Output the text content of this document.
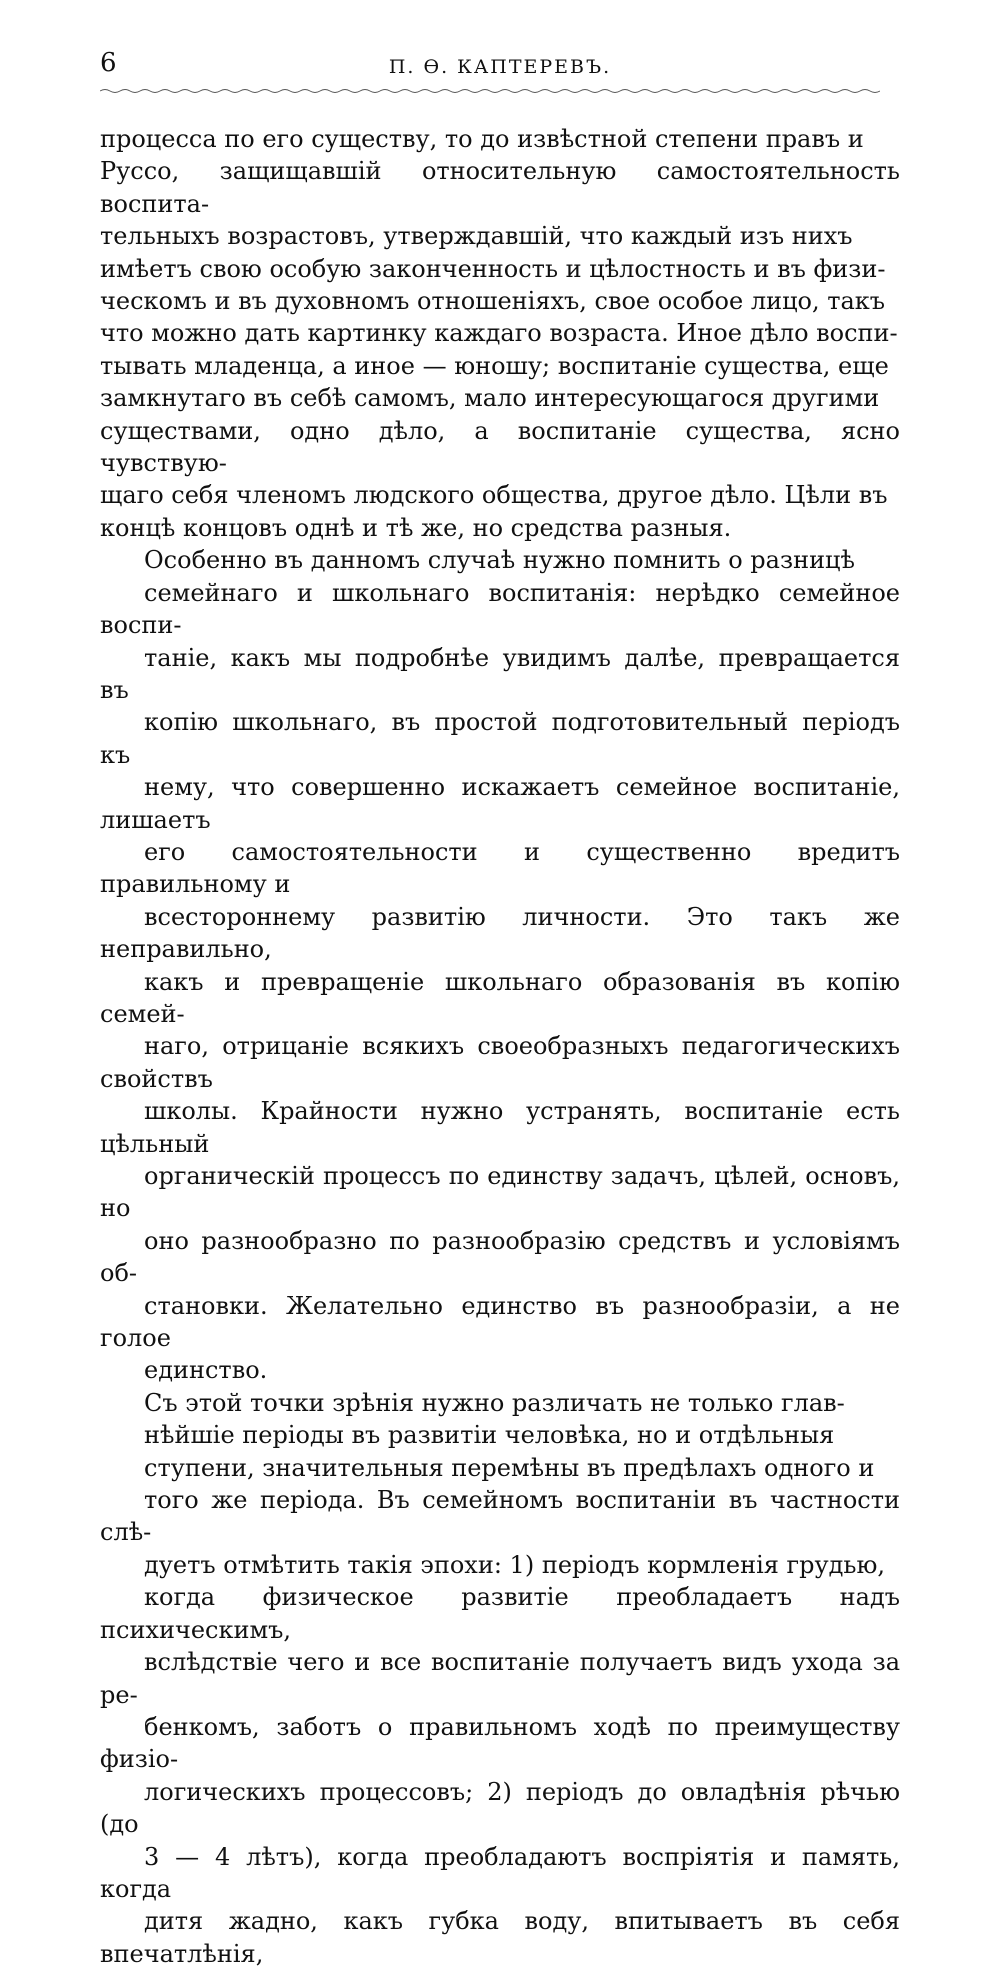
6	П. Ѳ. КАПТЕРЕВЪ.

процесса по его существу, то до извѣстной степени правъ и
Руссо, защищавшій относительную самостоятельность воспита-
тельныхъ возрастовъ, утверждавшій, что каждый изъ нихъ
имѣетъ свою особую законченность и цѣлостность и въ физи-
ческомъ и въ духовномъ отношеніяхъ, свое особое лицо, такъ
что можно дать картинку каждаго возраста. Иное дѣло воспи-
тывать младенца, а иное — юношу; воспитаніе существа, еще
замкнутаго въ себѣ самомъ, мало интересующагося другими
существами, одно дѣло, а воспитаніе существа, ясно чувствую-
щаго себя членомъ людского общества, другое дѣло. Цѣли въ
концѣ концовъ однѣ и тѣ же, но средства разныя.

Особенно въ данномъ случаѣ нужно помнить о разницѣ
семейнаго и школьнаго воспитанія: нерѣдко семейное воспи-
таніе, какъ мы подробнѣе увидимъ далѣе, превращается въ
копію школьнаго, въ простой подготовительный періодъ къ
нему, что совершенно искажаетъ семейное воспитаніе, лишаетъ
его самостоятельности и существенно вредитъ правильному и
всестороннему развитію личности. Это такъ же неправильно,
какъ и превращеніе школьнаго образованія въ копію семей-
наго, отрицаніе всякихъ своеобразныхъ педагогическихъ свойствъ
школы. Крайности нужно устранять, воспитаніе есть цѣльный
органическій процессъ по единству задачъ, цѣлей, основъ, но
оно разнообразно по разнообразію средствъ и условіямъ об-
становки. Желательно единство въ разнообразіи, а не голое
единство.

Съ этой точки зрѣнія нужно различать не только глав-
нѣйшіе періоды въ развитіи человѣка, но и отдѣльныя
ступени, значительныя перемѣны въ предѣлахъ одного и
того же періода. Въ семейномъ воспитаніи въ частности слѣ-
дуетъ отмѣтить такія эпохи: 1) періодъ кормленія грудью,
когда физическое развитіе преобладаетъ надъ психическимъ,
вслѣдствіе чего и все воспитаніе получаетъ видъ ухода за ре-
бенкомъ, заботъ о правильномъ ходѣ по преимуществу физіо-
логическихъ процессовъ; 2) періодъ до овладѣнія рѣчью (до
3 — 4 лѣтъ), когда преобладаютъ воспріятія и память, когда
дитя жадно, какъ губка воду, впитываетъ въ себя впечатлѣнія,
